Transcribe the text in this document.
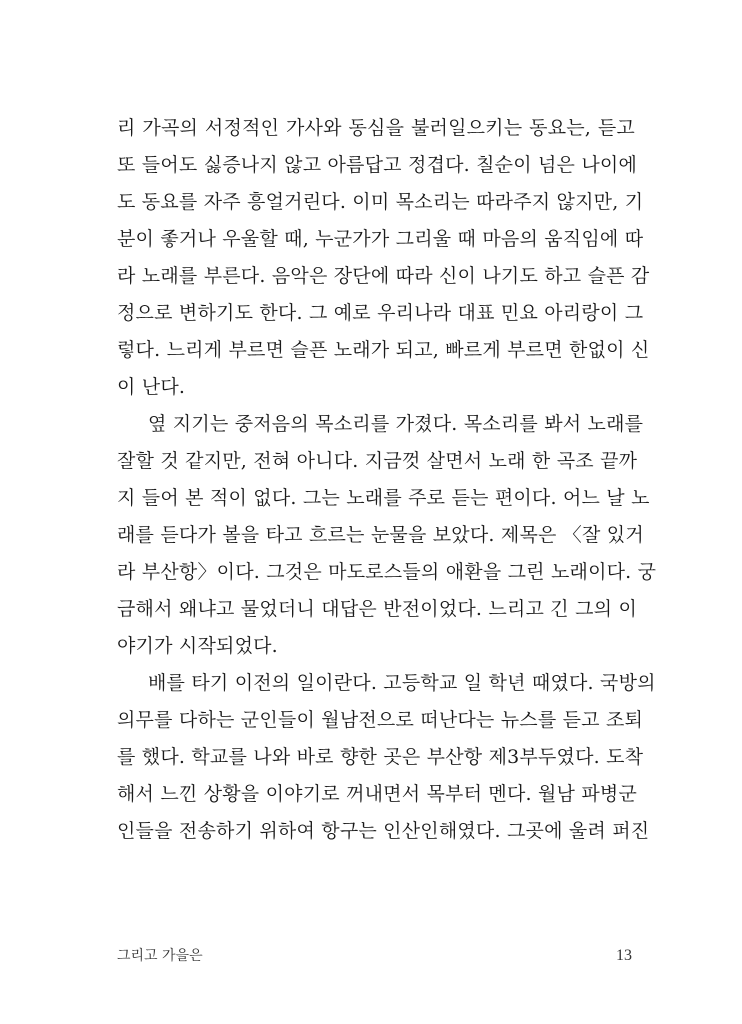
리 가곡의 서정적인 가사와 동심을 불러일으키는 동요는, 듣고
또 들어도 싫증나지 않고 아름답고 정겹다. 칠순이 넘은 나이에
도 동요를 자주 흥얼거린다. 이미 목소리는 따라주지 않지만, 기
분이 좋거나 우울할 때, 누군가가 그리울 때 마음의 움직임에 따
라 노래를 부른다. 음악은 장단에 따라 신이 나기도 하고 슬픈 감
정으로 변하기도 한다. 그 예로 우리나라 대표 민요 아리랑이 그
렇다. 느리게 부르면 슬픈 노래가 되고, 빠르게 부르면 한없이 신
이 난다.
옆 지기는 중저음의 목소리를 가졌다. 목소리를 봐서 노래를
잘할 것 같지만, 전혀 아니다. 지금껏 살면서 노래 한 곡조 끝까
지 들어 본 적이 없다. 그는 노래를 주로 듣는 편이다. 어느 날 노
래를 듣다가 볼을 타고 흐르는 눈물을 보았다. 제목은 〈잘 있거
라 부산항〉이다. 그것은 마도로스들의 애환을 그린 노래이다. 궁
금해서 왜냐고 물었더니 대답은 반전이었다. 느리고 긴 그의 이
야기가 시작되었다.
배를 타기 이전의 일이란다. 고등학교 일 학년 때였다. 국방의
의무를 다하는 군인들이 월남전으로 떠난다는 뉴스를 듣고 조퇴
를 했다. 학교를 나와 바로 향한 곳은 부산항 제3부두였다. 도착
해서 느낀 상황을 이야기로 꺼내면서 목부터 멘다. 월남 파병군
인들을 전송하기 위하여 항구는 인산인해였다. 그곳에 울려 퍼진
그리고 가을은	13
